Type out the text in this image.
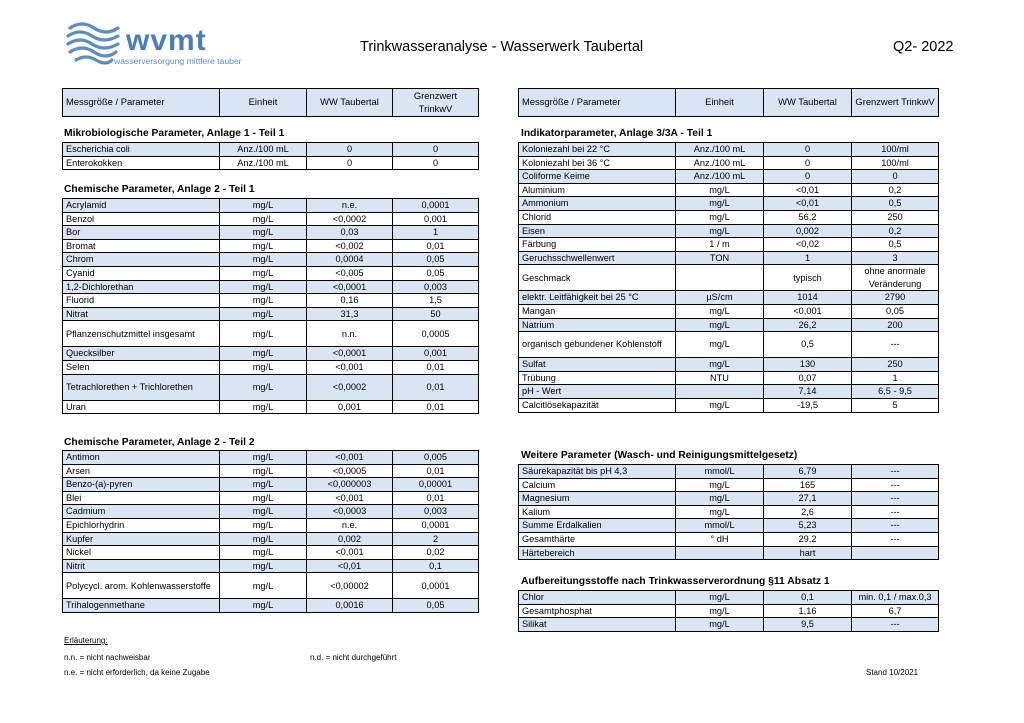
wvmt
wasserversorgung mittlere tauber
Trinkwasseranalyse - Wasserwerk Taubertal	Q2- 2022
Messgröße / Parameter	Einheit	WW Taubertal	Grenzwert TrinkwV
Messgröße / Parameter	Einheit	WW Taubertal	Grenzwert TrinkwV
Mikrobiologische Parameter, Anlage 1 - Teil 1
Chemische Parameter, Anlage 2 - Teil 1
Chemische Parameter, Anlage 2 - Teil 2
Indikatorparameter, Anlage 3/3A - Teil 1
Weitere Parameter (Wasch- und Reinigungsmittelgesetz)
Aufbereitungsstoffe nach Trinkwasserverordnung §11 Absatz 1
Escherichia coli	Anz./100 mL	0	0
Enterokokken	Anz./100 mL	0	0
Acrylamid	mg/L	n.e.	0,0001
Benzol	mg/L	<0,0002	0,001
Bor	mg/L	0,03	1
Bromat	mg/L	<0,002	0,01
Chrom	mg/L	0,0004	0,05
Cyanid	mg/L	<0,005	0,05
1,2-Dichlorethan	mg/L	<0,0001	0,003
Fluorid	mg/L	0,16	1,5
Nitrat	mg/L	31,3	50
Pflanzenschutzmittel insgesamt	mg/L	n.n.	0,0005
Quecksilber	mg/L	<0,0001	0,001
Selen	mg/L	<0,001	0,01
Tetrachlorethen + Trichlorethen	mg/L	<0,0002	0,01
Uran	mg/L	0,001	0,01
Antimon	mg/L	<0,001	0,005
Arsen	mg/L	<0,0005	0,01
Benzo-(a)-pyren	mg/L	<0,000003	0,00001
Blei	mg/L	<0,001	0,01
Cadmium	mg/L	<0,0003	0,003
Epichlorhydrin	mg/L	n.e.	0,0001
Kupfer	mg/L	0,002	2
Nickel	mg/L	<0,001	0,02
Nitrit	mg/L	<0,01	0,1
Polycycl. arom. Kohlenwasserstoffe	mg/L	<0,00002	0,0001
Trihalogenmethane	mg/L	0,0016	0,05
Koloniezahl bei 22 °C	Anz./100 mL	0	100/ml
Koloniezahl bei 36 °C	Anz./100 mL	0	100/ml
Coliforme Keime	Anz./100 mL	0	0
Aluminium	mg/L	<0,01	0,2
Ammonium	mg/L	<0,01	0,5
Chlorid	mg/L	56,2	250
Eisen	mg/L	0,002	0,2
Färbung	1 / m	<0,02	0,5
Geruchsschwellenwert	TON	1	3
Geschmack		typisch	ohne anormale Veränderung
elektr. Leitfähigkeit bei 25 °C	µS/cm	1014	2790
Mangan	mg/L	<0,001	0,05
Natrium	mg/L	26,2	200
organisch gebundener Kohlenstoff	mg/L	0,5	---
Sulfat	mg/L	130	250
Trübung	NTU	0,07	1
pH - Wert		7,14	6,5 - 9,5
Calcitlösekapazität	mg/L	-19,5	5
Säurekapazität bis pH 4,3	mmol/L	6,79	---
Calcium	mg/L	165	---
Magnesium	mg/L	27,1	---
Kalium	mg/L	2,6	---
Summe Erdalkalien	mmol/L	5,23	---
Gesamthärte	° dH	29,2	---
Härtebereich		hart	
Chlor	mg/L	0,1	min. 0,1 / max.0,3
Gesamtphosphat	mg/L	1,16	6,7
Silikat	mg/L	9,5	---
Erläuterung:
n.n. = nicht nachweisbar	n.d. = nicht durchgeführt
n.e. = nicht erforderlich, da keine Zugabe	Stand 10/2021
